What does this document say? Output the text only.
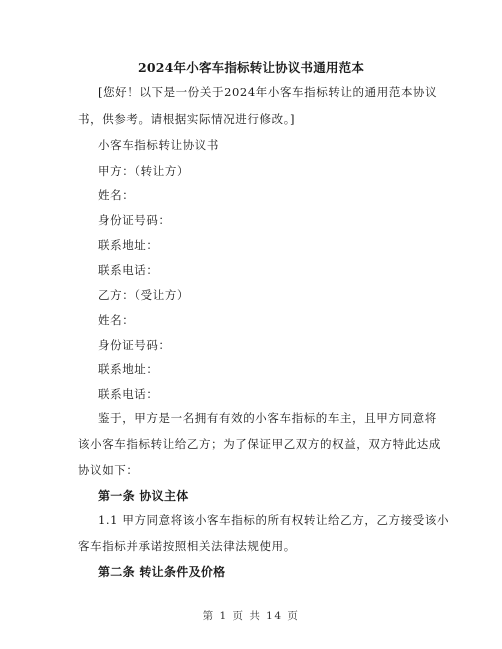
2024年小客车指标转让协议书通用范本
[您好！以下是一份关于2024年小客车指标转让的通用范本协议
书，供参考。请根据实际情况进行修改。]
小客车指标转让协议书
甲方：（转让方）
姓名：
身份证号码：
联系地址：
联系电话：
乙方：（受让方）
姓名：
身份证号码：
联系地址：
联系电话：
鉴于，甲方是一名拥有有效的小客车指标的车主，且甲方同意将
该小客车指标转让给乙方；为了保证甲乙双方的权益，双方特此达成
协议如下：
第一条 协议主体
1.1 甲方同意将该小客车指标的所有权转让给乙方，乙方接受该小
客车指标并承诺按照相关法律法规使用。
第二条 转让条件及价格
第 1 页 共 14 页
